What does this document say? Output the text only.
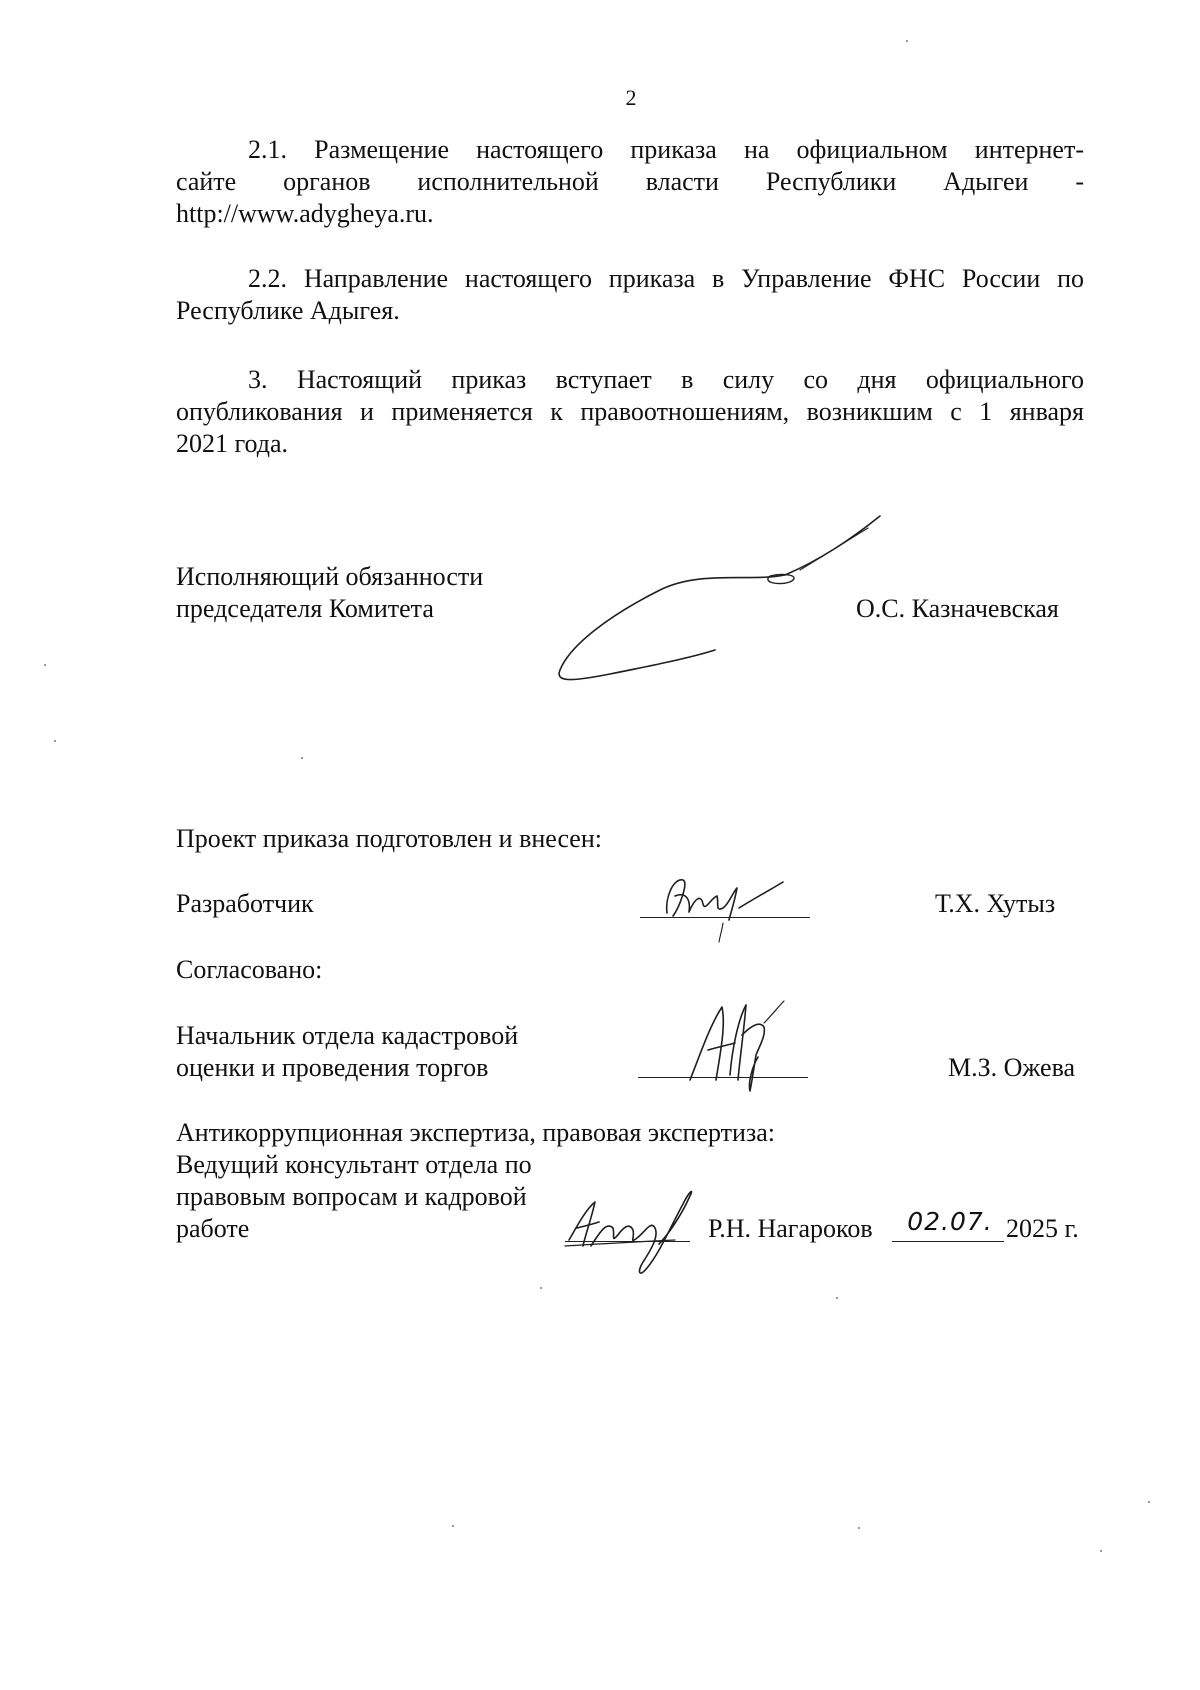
2
2.1. Размещение настоящего приказа на официальном интернет-
сайте органов исполнительной власти Республики Адыгеи -
http://www.adygheya.ru.
2.2. Направление настоящего приказа в Управление ФНС России по
Республике Адыгея.
3. Настоящий приказ вступает в силу со дня официального
опубликования и применяется к правоотношениям, возникшим с 1 января
2021 года.
Исполняющий обязанности
председателя Комитета	О.С. Казначевская
Проект приказа подготовлен и внесен:
Разработчик	Т.Х. Хутыз
Согласовано:
Начальник отдела кадастровой
оценки и проведения торгов	М.З. Ожева
Антикоррупционная экспертиза, правовая экспертиза:
Ведущий консультант отдела по
правовым вопросам и кадровой
работе	Р.Н. Нагароков	02.07. 2025 г.
